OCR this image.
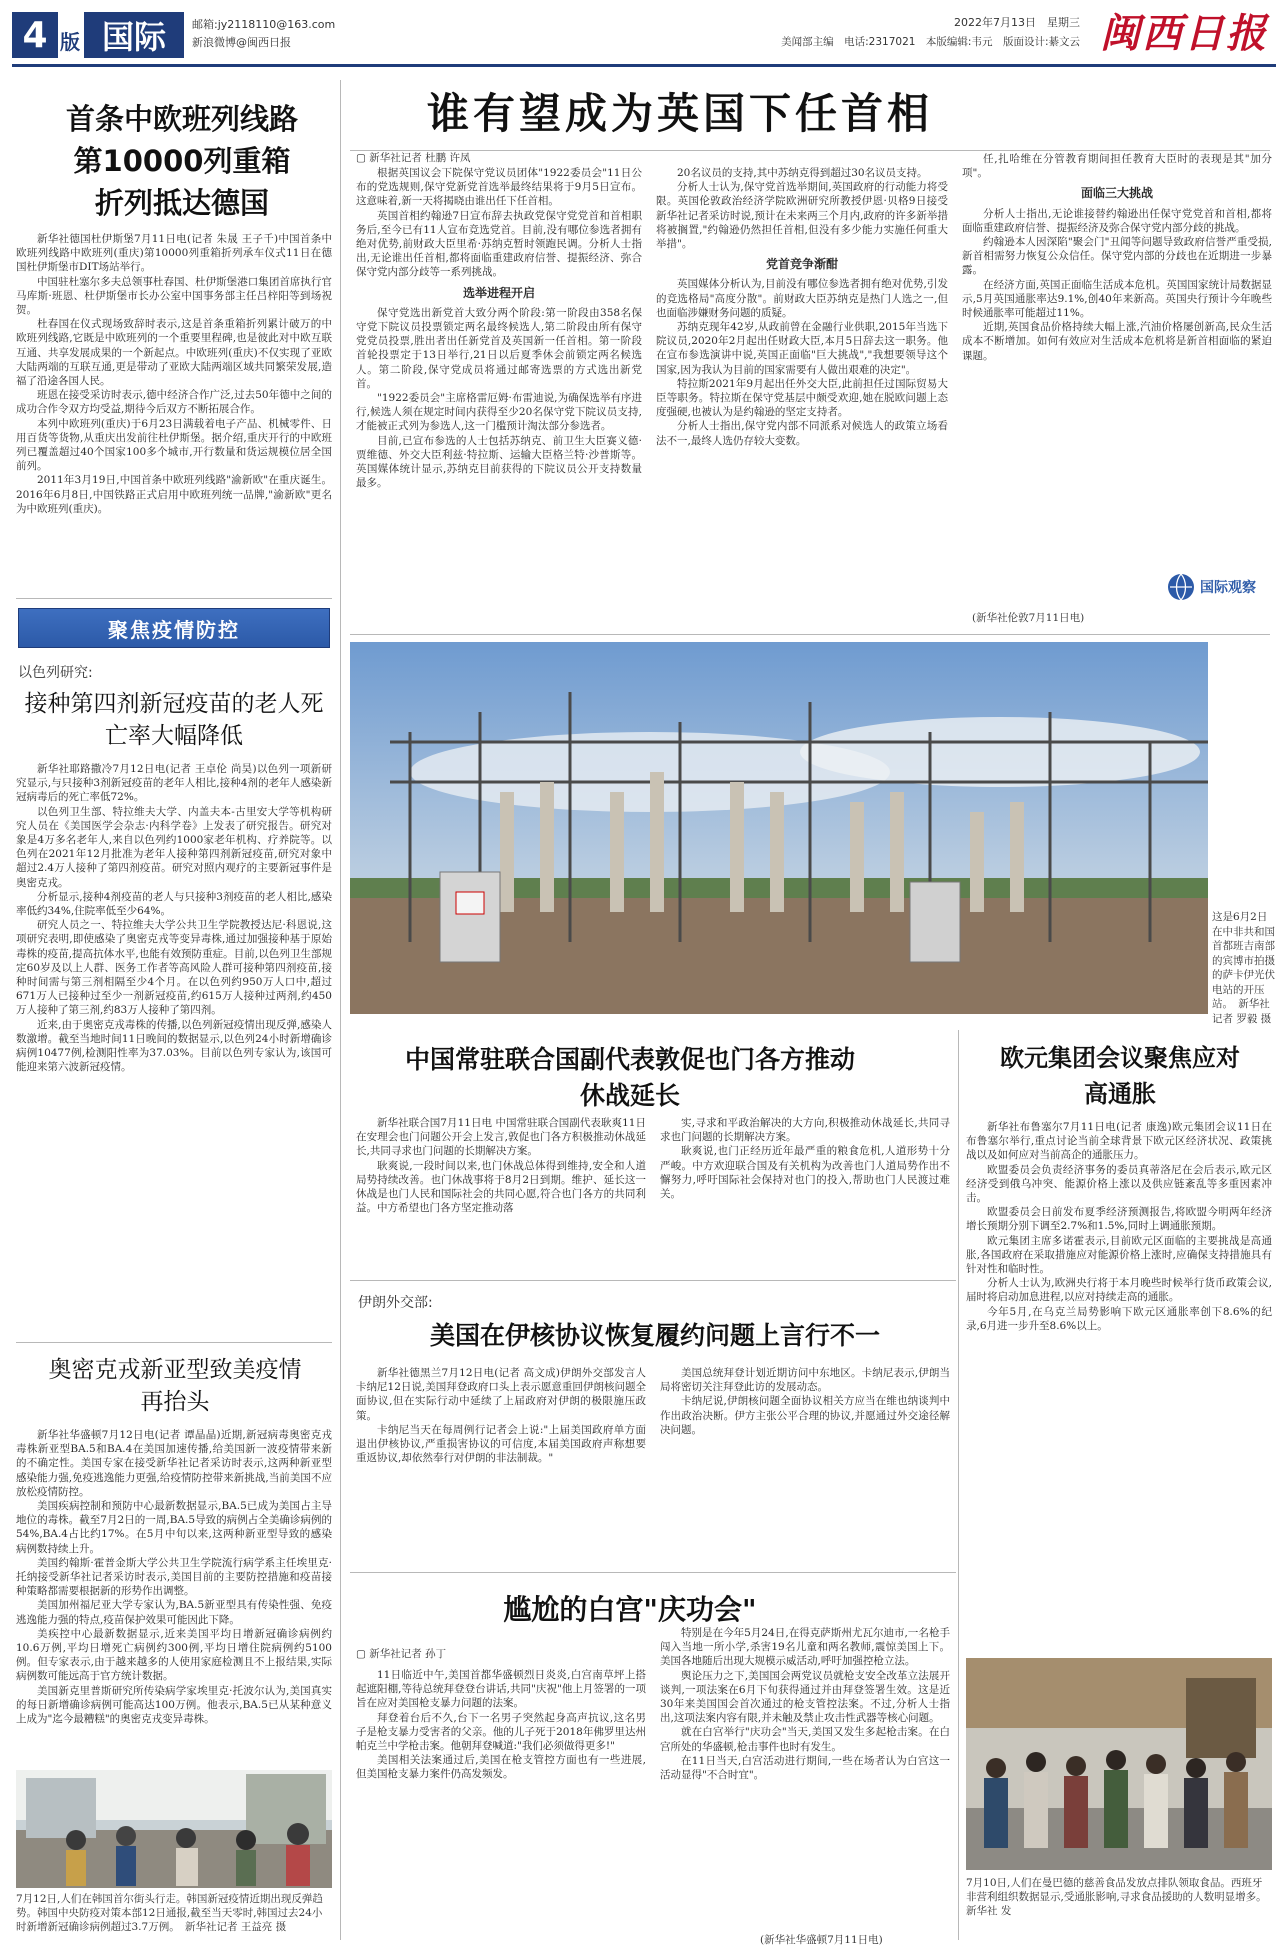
4 版 国际	邮箱:jy2118110@163.com
新浪微博@闽西日报
2022年7月13日　星期三
美闻部主编　电话:2317021　本版编辑:韦元　版面设计:綦文云 闽西日报
首条中欧班列线路第10000列重箱折列抵达德国

新华社德国杜伊斯堡7月11日电(记者 朱晟 王子千)中国首条中欧班列线路中欧班列(重庆)第10000列重箱折列承车仪式11日在德国杜伊斯堡市DIT场站举行。

中国驻杜塞尔多夫总领事杜春国、杜伊斯堡港口集团首席执行官马库斯·班恩、杜伊斯堡市长办公室中国事务部主任吕梓阳等到场祝贺。

杜春国在仪式现场致辞时表示,这是首条重箱折列累计破万的中欧班列线路,它既是中欧班列的一个重要里程碑,也是彼此对中欧互联互通、共享发展成果的一个新起点。中欧班列(重庆)不仅实现了亚欧大陆两端的互联互通,更是带动了亚欧大陆两端区域共同繁荣发展,造福了沿途各国人民。

班恩在接受采访时表示,德中经济合作广泛,过去50年德中之间的成功合作令双方均受益,期待今后双方不断拓展合作。

本列中欧班列(重庆)于6月23日满载着电子产品、机械零件、日用百货等货物,从重庆出发前往杜伊斯堡。据介绍,重庆开行的中欧班列已覆盖超过40个国家100多个城市,开行数量和货运规模位居全国前列。

2011年3月19日,中国首条中欧班列线路"渝新欧"在重庆诞生。2016年6月8日,中国铁路正式启用中欧班列统一品牌,"渝新欧"更名为中欧班列(重庆)。

聚焦疫情防控
以色列研究:
接种第四剂新冠疫苗的老人死亡率大幅降低

新华社耶路撒冷7月12日电(记者 王卓伦 尚昊)以色列一项新研究显示,与只接种3剂新冠疫苗的老年人相比,接种4剂的老年人感染新冠病毒后的死亡率低72%。

以色列卫生部、特拉维夫大学、内盖夫本-古里安大学等机构研究人员在《美国医学会杂志·内科学卷》上发表了研究报告。研究对象是4万多名老年人,来自以色列约1000家老年机构、疗养院等。以色列在2021年12月批准为老年人接种第四剂新冠疫苗,研究对象中超过2.4万人接种了第四剂疫苗。研究对照内观疗的主要新冠事件是奥密克戎。

分析显示,接种4剂疫苗的老人与只接种3剂疫苗的老人相比,感染率低约34%,住院率低至少64%。

研究人员之一、特拉维夫大学公共卫生学院教授达尼·科恩说,这项研究表明,即使感染了奥密克戎等变异毒株,通过加强接种基于原始毒株的疫苗,提高抗体水平,也能有效预防重症。目前,以色列卫生部规定60岁及以上人群、医务工作者等高风险人群可接种第四剂疫苗,接种时间需与第三剂相隔至少4个月。在以色列约950万人口中,超过671万人已接种过至少一剂新冠疫苗,约615万人接种过两剂,约450万人接种了第三剂,约83万人接种了第四剂。

近来,由于奥密克戎毒株的传播,以色列新冠疫情出现反弹,感染人数激增。截至当地时间11日晚间的数据显示,以色列24小时新增确诊病例10477例,检测阳性率为37.03%。目前以色列专家认为,该国可能迎来第六波新冠疫情。

奥密克戎新亚型致美疫情再抬头

新华社华盛顿7月12日电(记者 谭晶晶)近期,新冠病毒奥密克戎毒株新亚型BA.5和BA.4在美国加速传播,给美国新一波疫情带来新的不确定性。美国专家在接受新华社记者采访时表示,这两种新亚型感染能力强,免疫逃逸能力更强,给疫情防控带来新挑战,当前美国不应放松疫情防控。

美国疾病控制和预防中心最新数据显示,BA.5已成为美国占主导地位的毒株。截至7月2日的一周,BA.5导致的病例占全美确诊病例的54%,BA.4占比约17%。在5月中旬以来,这两种新亚型导致的感染病例数持续上升。

美国约翰斯·霍普金斯大学公共卫生学院流行病学系主任埃里克·托纳接受新华社记者采访时表示,美国目前的主要防控措施和疫苗接种策略都需要根据新的形势作出调整。

美国加州福尼亚大学专家认为,BA.5新亚型具有传染性强、免疫逃逸能力强的特点,疫苗保护效果可能因此下降。

美疾控中心最新数据显示,近来美国平均日增新冠确诊病例约10.6万例,平均日增死亡病例约300例,平均日增住院病例约5100例。但专家表示,由于越来越多的人使用家庭检测且不上报结果,实际病例数可能远高于官方统计数据。

美国新克里普斯研究所传染病学家埃里克·托波尔认为,美国真实的每日新增确诊病例可能高达100万例。他表示,BA.5已从某种意义上成为"迄今最糟糕"的奥密克戎变异毒株。

7月12日,人们在韩国首尔街头行走。韩国新冠疫情近期出现反弹趋势。韩国中央防疫对策本部12日通报,截至当天零时,韩国过去24小时新增新冠确诊病例超过3.7万例。　新华社记者 王益亮 摄
谁有望成为英国下任首相
▢ 新华社记者 杜鹏 许凤

根据英国议会下院保守党议员团体"1922委员会"11日公布的党选规则,保守党新党首选举最终结果将于9月5日宣布。这意味着,新一天将揭晓由谁出任下任首相。

英国首相约翰逊7日宣布辞去执政党保守党党首和首相职务后,至今已有11人宣布竞选党首。目前,没有哪位参选者拥有绝对优势,前财政大臣里希·苏纳克暂时领跑民调。分析人士指出,无论谁出任首相,都将面临重建政府信誉、提振经济、弥合保守党内部分歧等一系列挑战。

选举进程开启

保守党选出新党首大致分两个阶段:第一阶段由358名保守党下院议员投票锁定两名最终候选人,第二阶段由所有保守党党员投票,胜出者出任新党首及英国新一任首相。第一阶段首轮投票定于13日举行,21日以后夏季休会前锁定两名候选人。第二阶段,保守党成员将通过邮寄选票的方式选出新党首。

"1922委员会"主席格雷厄姆·布雷迪说,为确保选举有序进行,候选人须在规定时间内获得至少20名保守党下院议员支持,才能被正式列为参选人,这一门槛预计淘汰部分参选者。

目前,已宣布参选的人士包括苏纳克、前卫生大臣赛义德·贾维德、外交大臣利兹·特拉斯、运输大臣格兰特·沙普斯等。英国媒体统计显示,苏纳克目前获得的下院议员公开支持数量最多。

20名议员的支持,其中苏纳克得到超过30名议员支持。

分析人士认为,保守党首选举期间,英国政府的行动能力将受限。英国伦敦政治经济学院欧洲研究所教授伊恩·贝格9日接受新华社记者采访时说,预计在未来两三个月内,政府的许多新举措将被搁置,"约翰逊仍然担任首相,但没有多少能力实施任何重大举措"。

党首竞争渐酣

英国媒体分析认为,目前没有哪位参选者拥有绝对优势,引发的竞选格局"高度分散"。前财政大臣苏纳克是热门人选之一,但也面临涉嫌财务问题的质疑。

苏纳克现年42岁,从政前曾在金融行业供职,2015年当选下院议员,2020年2月起出任财政大臣,本月5日辞去这一职务。他在宣布参选演讲中说,英国正面临"巨大挑战","我想要领导这个国家,因为我认为目前的国家需要有人做出艰难的决定"。

特拉斯2021年9月起出任外交大臣,此前担任过国际贸易大臣等职务。特拉斯在保守党基层中颇受欢迎,她在脱欧问题上态度强硬,也被认为是约翰逊的坚定支持者。

分析人士指出,保守党内部不同派系对候选人的政策立场看法不一,最终人选仍存较大变数。

任,扎哈维在分管教育期间担任教育大臣时的表现是其"加分项"。

面临三大挑战

分析人士指出,无论谁接替约翰逊出任保守党党首和首相,都将面临重建政府信誉、提振经济及弥合保守党内部分歧的挑战。

约翰逊本人因深陷"聚会门"丑闻等问题导致政府信誉严重受损,新首相需努力恢复公众信任。保守党内部的分歧也在近期进一步暴露。

在经济方面,英国正面临生活成本危机。英国国家统计局数据显示,5月英国通胀率达9.1%,创40年来新高。英国央行预计今年晚些时候通胀率可能超过11%。

近期,英国食品价格持续大幅上涨,汽油价格屡创新高,民众生活成本不断增加。如何有效应对生活成本危机将是新首相面临的紧迫课题。

国际观察
(新华社伦敦7月11日电)
这是6月2日在中非共和国首都班吉南部的宾博市拍摄的萨卡伊光伏电站的开压站。　新华社记者 罗毅 摄
中国常驻联合国副代表敦促也门各方推动休战延长

新华社联合国7月11日电 中国常驻联合国副代表耿爽11日在安理会也门问题公开会上发言,敦促也门各方积极推动休战延长,共同寻求也门问题的长期解决方案。

耿爽说,一段时间以来,也门休战总体得到维持,安全和人道局势持续改善。也门休战事将于8月2日到期。维护、延长这一休战是也门人民和国际社会的共同心愿,符合也门各方的共同利益。中方希望也门各方坚定推动落

实,寻求和平政治解决的大方向,积极推动休战延长,共同寻求也门问题的长期解决方案。

耿爽说,也门正经历近年最严重的粮食危机,人道形势十分严峻。中方欢迎联合国及有关机构为改善也门人道局势作出不懈努力,呼吁国际社会保持对也门的投入,帮助也门人民渡过难关。

伊朗外交部:
美国在伊核协议恢复履约问题上言行不一

新华社德黑兰7月12日电(记者 高文成)伊朗外交部发言人卡纳尼12日说,美国拜登政府口头上表示愿意重回伊朗核问题全面协议,但在实际行动中延续了上届政府对伊朗的极限施压政策。

卡纳尼当天在每周例行记者会上说:"上届美国政府单方面退出伊核协议,严重损害协议的可信度,本届美国政府声称想要重返协议,却依然奉行对伊朗的非法制裁。"

美国总统拜登计划近期访问中东地区。卡纳尼表示,伊朗当局将密切关注拜登此访的发展动态。

卡纳尼说,伊朗核问题全面协议相关方应当在维也纳谈判中作出政治决断。伊方主张公平合理的协议,并愿通过外交途径解决问题。

尴尬的白宫"庆功会"
▢ 新华社记者 孙丁

11日临近中午,美国首都华盛顿烈日炎炎,白宫南草坪上搭起遮阳棚,等待总统拜登登台讲话,共同"庆祝"他上月签署的一项旨在应对美国枪支暴力问题的法案。

拜登着台后不久,台下一名男子突然起身高声抗议,这名男子是枪支暴力受害者的父亲。他的儿子死于2018年佛罗里达州帕克兰中学枪击案。他朝拜登喊道:"我们必须做得更多!"

美国相关法案通过后,美国在枪支管控方面也有一些进展,但美国枪支暴力案件仍高发频发。

特别是在今年5月24日,在得克萨斯州尤瓦尔迪市,一名枪手闯入当地一所小学,杀害19名儿童和两名教师,震惊美国上下。美国各地随后出现大规模示威活动,呼吁加强控枪立法。

舆论压力之下,美国国会两党议员就枪支安全改革立法展开谈判,一项法案在6月下旬获得通过并由拜登签署生效。这是近30年来美国国会首次通过的枪支管控法案。不过,分析人士指出,这项法案内容有限,并未触及禁止攻击性武器等核心问题。

就在白宫举行"庆功会"当天,美国又发生多起枪击案。在白宫所处的华盛顿,枪击事件也时有发生。

在11日当天,白宫活动进行期间,一些在场者认为白宫这一活动显得"不合时宜"。

(新华社华盛顿7月11日电)
欧元集团会议聚焦应对高通胀

新华社布鲁塞尔7月11日电(记者 康逸)欧元集团会议11日在布鲁塞尔举行,重点讨论当前全球背景下欧元区经济状况、政策挑战以及如何应对当前高企的通胀压力。

欧盟委员会负责经济事务的委员真蒂洛尼在会后表示,欧元区经济受到俄乌冲突、能源价格上涨以及供应链紊乱等多重因素冲击。

欧盟委员会日前发布夏季经济预测报告,将欧盟今明两年经济增长预期分别下调至2.7%和1.5%,同时上调通胀预期。

欧元集团主席多诺霍表示,目前欧元区面临的主要挑战是高通胀,各国政府在采取措施应对能源价格上涨时,应确保支持措施具有针对性和临时性。

分析人士认为,欧洲央行将于本月晚些时候举行货币政策会议,届时将启动加息进程,以应对持续走高的通胀。

今年5月,在乌克兰局势影响下欧元区通胀率创下8.6%的纪录,6月进一步升至8.6%以上。

7月10日,人们在曼巴德的慈善食品发放点排队领取食品。西班牙非营利组织数据显示,受通胀影响,寻求食品援助的人数明显增多。　新华社 发
